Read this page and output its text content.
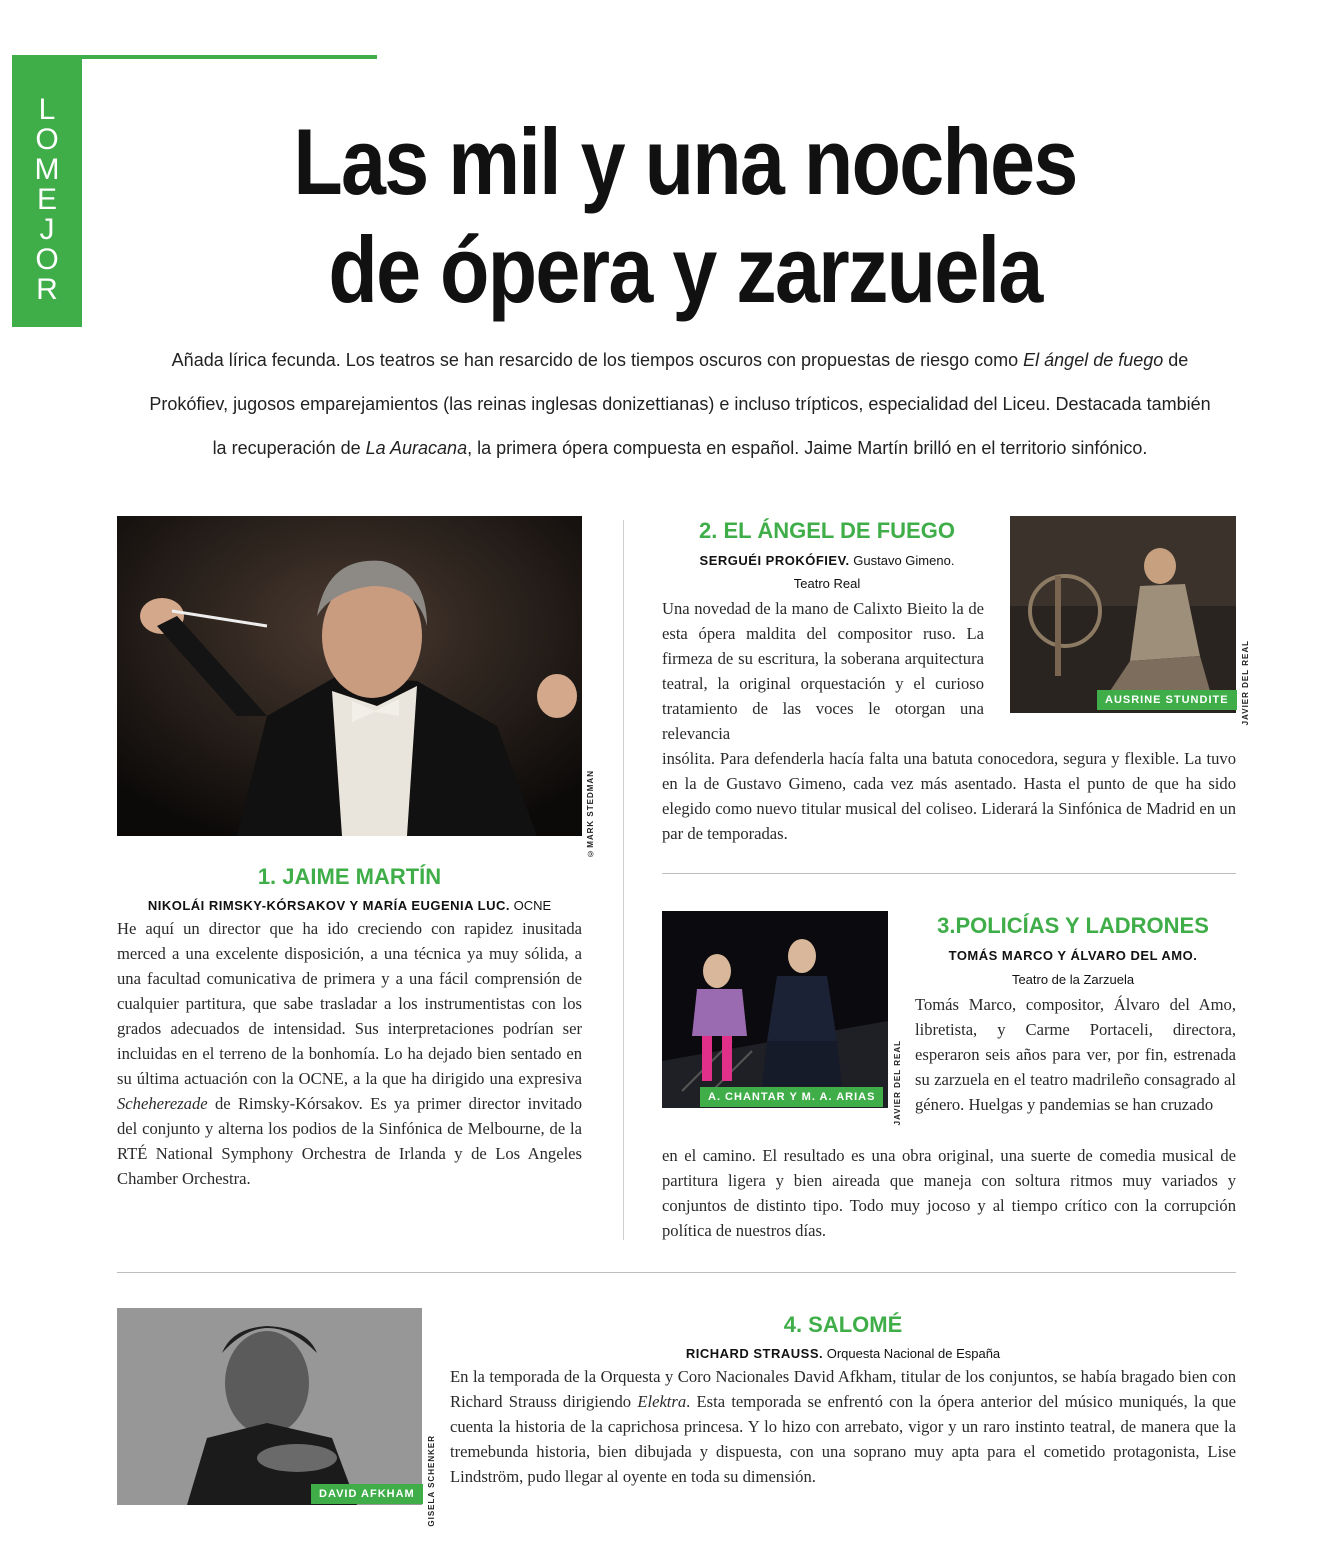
L
O
M
E
J
O
R
Las mil y una noches
de ópera y zarzuela
Añada lírica fecunda. Los teatros se han resarcido de los tiempos oscuros con propuestas de riesgo como El ángel de fuego de Prokófiev, jugosos emparejamientos (las reinas inglesas donizettianas) e incluso trípticos, especialidad del Liceu. Destacada también la recuperación de La Auracana, la primera ópera compuesta en español. Jaime Martín brilló en el territorio sinfónico.
©MARK STEDMAN
1. JAIME MARTÍN
NIKOLÁI RIMSKY-KÓRSAKOV Y MARÍA EUGENIA LUC. OCNE
He aquí un director que ha ido creciendo con rapidez inusitada merced a una excelente disposición, a una técnica ya muy sólida, a una facultad comunicativa de primera y a una fácil comprensión de cualquier partitura, que sabe trasladar a los instrumentistas con los grados adecuados de intensidad. Sus interpretaciones podrían ser incluidas en el terreno de la bonhomía. Lo ha dejado bien sentado en su última actuación con la OCNE, a la que ha dirigido una expresiva Scheherezade de Rimsky-Kórsakov. Es ya primer director invitado del conjunto y alterna los podios de la Sinfónica de Melbourne, de la RTÉ National Symphony Orchestra de Irlanda y de Los Angeles Chamber Orchestra.
2. EL ÁNGEL DE FUEGO
SERGUÉI PROKÓFIEV. Gustavo Gimeno.
Teatro Real
Una novedad de la mano de Calixto Bieito la de esta ópera maldita del compositor ruso. La firmeza de su escritura, la soberana arquitectura teatral, la original orquestación y el curioso tratamiento de las voces le otorgan una relevancia
insólita. Para defenderla hacía falta una batuta conocedora, segura y flexible. La tuvo en la de Gustavo Gimeno, cada vez más asentado. Hasta el punto de que ha sido elegido como nuevo titular musical del coliseo. Liderará la Sinfónica de Madrid en un par de temporadas.
AUSRINE STUNDITE	JAVIER DEL REAL
A. CHANTAR Y M. A. ARIAS	JAVIER DEL REAL
3.POLICÍAS Y LADRONES
TOMÁS MARCO Y ÁLVARO DEL AMO.
Teatro de la Zarzuela
Tomás Marco, compositor, Álvaro del Amo, libretista, y Carme Portaceli, directora, esperaron seis años para ver, por fin, estrenada su zarzuela en el teatro madrileño consagrado al género. Huelgas y pandemias se han cruzado
en el camino. El resultado es una obra original, una suerte de comedia musical de partitura ligera y bien aireada que maneja con soltura ritmos muy variados y conjuntos de distinto tipo. Todo muy jocoso y al tiempo crítico con la corrupción política de nuestros días.
DAVID AFKHAM	GISELA SCHENKER
4. SALOMÉ
RICHARD STRAUSS. Orquesta Nacional de España
En la temporada de la Orquesta y Coro Nacionales David Afkham, titular de los conjuntos, se había bragado bien con Richard Strauss dirigiendo Elektra. Esta temporada se enfrentó con la ópera anterior del músico muniqués, la que cuenta la historia de la caprichosa princesa. Y lo hizo con arrebato, vigor y un raro instinto teatral, de manera que la tremebunda historia, bien dibujada y dispuesta, con una soprano muy apta para el cometido protagonista, Lise Lindström, pudo llegar al oyente en toda su dimensión.
